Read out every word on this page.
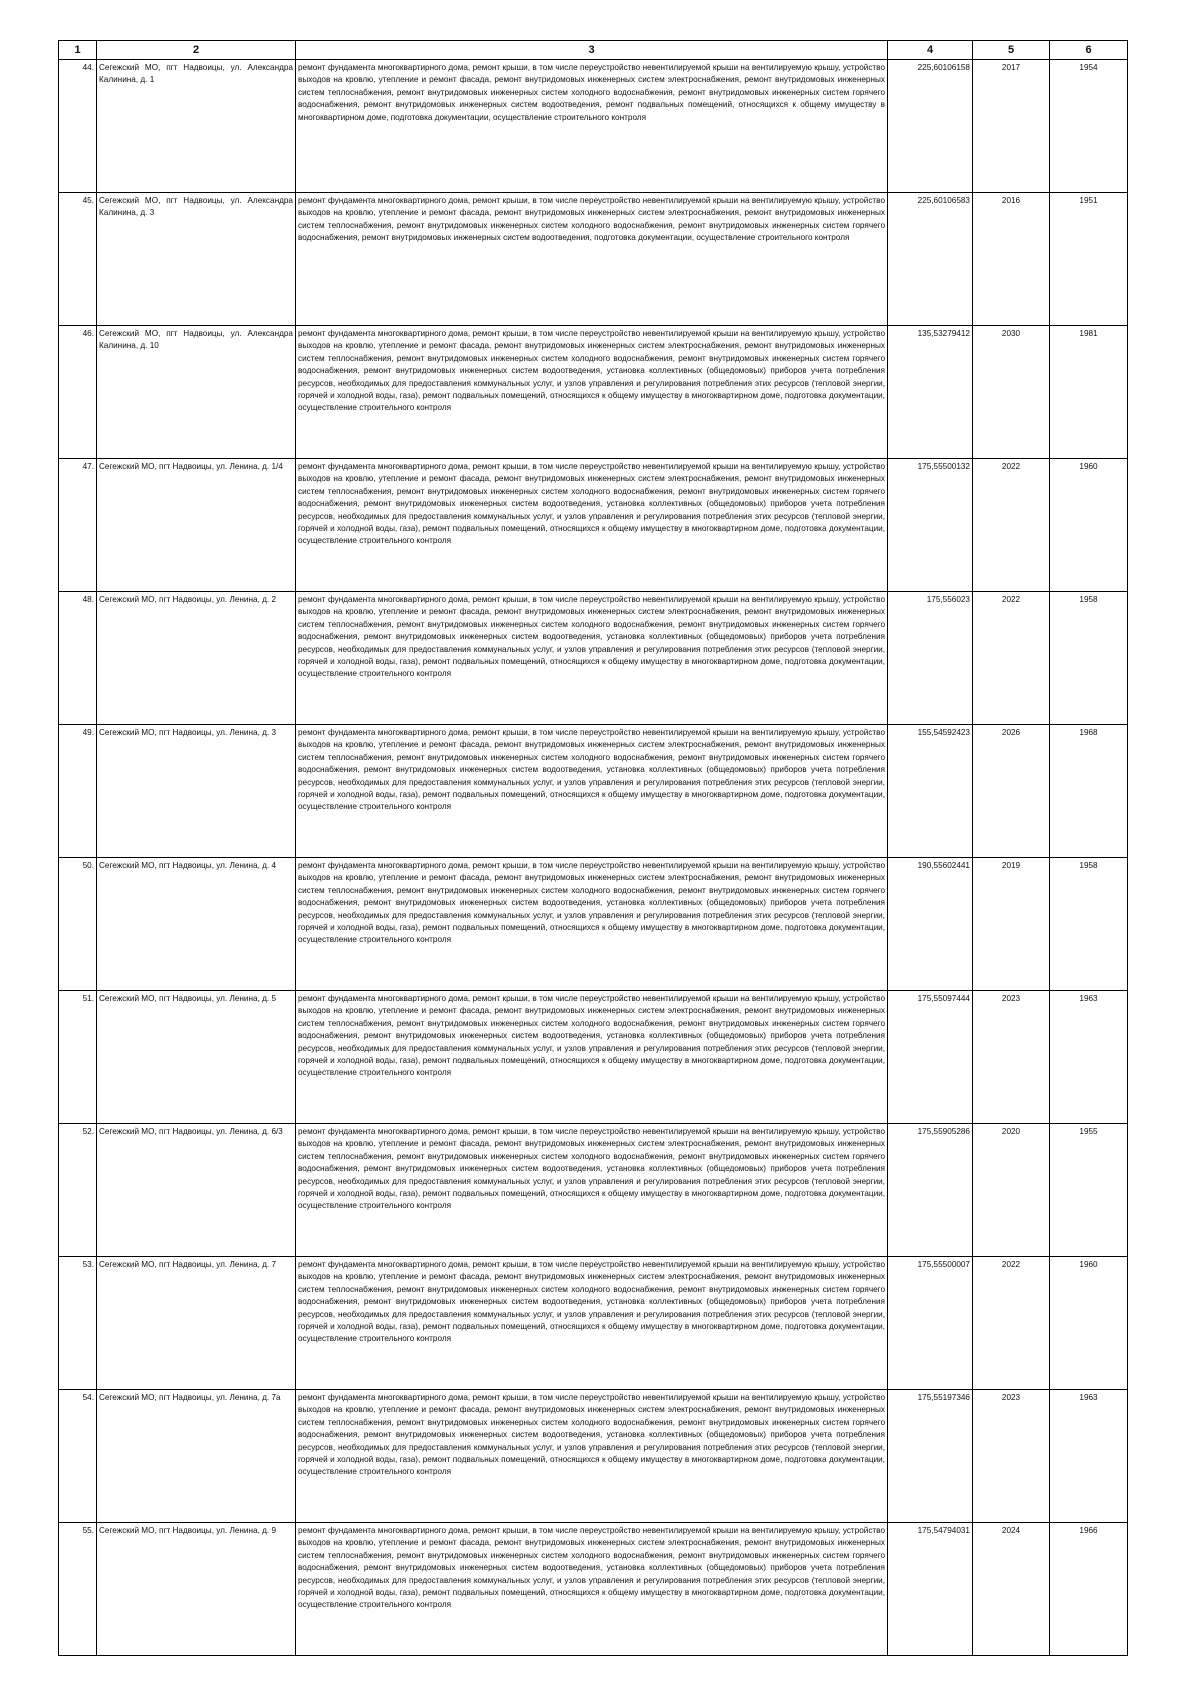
1	2	3	4	5	6
44.	Сегежский МО, пгт Надвоицы, ул. Александра Калинина, д. 1	ремонт фундамента многоквартирного дома, ремонт крыши, в том числе переустройство невентилируемой крыши на вентилируемую крышу, устройство выходов на кровлю, утепление и ремонт фасада, ремонт внутридомовых инженерных систем электроснабжения, ремонт внутридомовых инженерных систем теплоснабжения, ремонт внутридомовых инженерных систем холодного водоснабжения, ремонт внутридомовых инженерных систем горячего водоснабжения, ремонт внутридомовых инженерных систем водоотведения, ремонт подвальных помещений, относящихся к общему имуществу в многоквартирном доме, подготовка документации, осуществление строительного контроля	225,60106158	2017	1954
45.	Сегежский МО, пгт Надвоицы, ул. Александра Калинина, д. 3	ремонт фундамента многоквартирного дома, ремонт крыши, в том числе переустройство невентилируемой крыши на вентилируемую крышу, устройство выходов на кровлю, утепление и ремонт фасада, ремонт внутридомовых инженерных систем электроснабжения, ремонт внутридомовых инженерных систем теплоснабжения, ремонт внутридомовых инженерных систем холодного водоснабжения, ремонт внутридомовых инженерных систем горячего водоснабжения, ремонт внутридомовых инженерных систем водоотведения, подготовка документации, осуществление строительного контроля	225,60106583	2016	1951
46.	Сегежский МО, пгт Надвоицы, ул. Александра Калинина, д. 10	ремонт фундамента многоквартирного дома, ремонт крыши, в том числе переустройство невентилируемой крыши на вентилируемую крышу, устройство выходов на кровлю, утепление и ремонт фасада, ремонт внутридомовых инженерных систем электроснабжения, ремонт внутридомовых инженерных систем теплоснабжения, ремонт внутридомовых инженерных систем холодного водоснабжения, ремонт внутридомовых инженерных систем горячего водоснабжения, ремонт внутридомовых инженерных систем водоотведения, установка коллективных (общедомовых) приборов учета потребления ресурсов, необходимых для предоставления коммунальных услуг, и узлов управления и регулирования потребления этих ресурсов (тепловой энергии, горячей и холодной воды, газа), ремонт подвальных помещений, относящихся к общему имуществу в многоквартирном доме, подготовка документации, осуществление строительного контроля	135,53279412	2030	1981
47.	Сегежский МО, пгт Надвоицы, ул. Ленина, д. 1/4	ремонт фундамента многоквартирного дома, ремонт крыши, в том числе переустройство невентилируемой крыши на вентилируемую крышу, устройство выходов на кровлю, утепление и ремонт фасада, ремонт внутридомовых инженерных систем электроснабжения, ремонт внутридомовых инженерных систем теплоснабжения, ремонт внутридомовых инженерных систем холодного водоснабжения, ремонт внутридомовых инженерных систем горячего водоснабжения, ремонт внутридомовых инженерных систем водоотведения, установка коллективных (общедомовых) приборов учета потребления ресурсов, необходимых для предоставления коммунальных услуг, и узлов управления и регулирования потребления этих ресурсов (тепловой энергии, горячей и холодной воды, газа), ремонт подвальных помещений, относящихся к общему имуществу в многоквартирном доме, подготовка документации, осуществление строительного контроля	175,55500132	2022	1960
48.	Сегежский МО, пгт Надвоицы, ул. Ленина, д. 2	ремонт фундамента многоквартирного дома, ремонт крыши, в том числе переустройство невентилируемой крыши на вентилируемую крышу, устройство выходов на кровлю, утепление и ремонт фасада, ремонт внутридомовых инженерных систем электроснабжения, ремонт внутридомовых инженерных систем теплоснабжения, ремонт внутридомовых инженерных систем холодного водоснабжения, ремонт внутридомовых инженерных систем горячего водоснабжения, ремонт внутридомовых инженерных систем водоотведения, установка коллективных (общедомовых) приборов учета потребления ресурсов, необходимых для предоставления коммунальных услуг, и узлов управления и регулирования потребления этих ресурсов (тепловой энергии, горячей и холодной воды, газа), ремонт подвальных помещений, относящихся к общему имуществу в многоквартирном доме, подготовка документации, осуществление строительного контроля	175,556023	2022	1958
49.	Сегежский МО, пгт Надвоицы, ул. Ленина, д. 3	ремонт фундамента многоквартирного дома, ремонт крыши, в том числе переустройство невентилируемой крыши на вентилируемую крышу, устройство выходов на кровлю, утепление и ремонт фасада, ремонт внутридомовых инженерных систем электроснабжения, ремонт внутридомовых инженерных систем теплоснабжения, ремонт внутридомовых инженерных систем холодного водоснабжения, ремонт внутридомовых инженерных систем горячего водоснабжения, ремонт внутридомовых инженерных систем водоотведения, установка коллективных (общедомовых) приборов учета потребления ресурсов, необходимых для предоставления коммунальных услуг, и узлов управления и регулирования потребления этих ресурсов (тепловой энергии, горячей и холодной воды, газа), ремонт подвальных помещений, относящихся к общему имуществу в многоквартирном доме, подготовка документации, осуществление строительного контроля	155,54592423	2026	1968
50.	Сегежский МО, пгт Надвоицы, ул. Ленина, д. 4	ремонт фундамента многоквартирного дома, ремонт крыши, в том числе переустройство невентилируемой крыши на вентилируемую крышу, устройство выходов на кровлю, утепление и ремонт фасада, ремонт внутридомовых инженерных систем электроснабжения, ремонт внутридомовых инженерных систем теплоснабжения, ремонт внутридомовых инженерных систем холодного водоснабжения, ремонт внутридомовых инженерных систем горячего водоснабжения, ремонт внутридомовых инженерных систем водоотведения, установка коллективных (общедомовых) приборов учета потребления ресурсов, необходимых для предоставления коммунальных услуг, и узлов управления и регулирования потребления этих ресурсов (тепловой энергии, горячей и холодной воды, газа), ремонт подвальных помещений, относящихся к общему имуществу в многоквартирном доме, подготовка документации, осуществление строительного контроля	190,55602441	2019	1958
51.	Сегежский МО, пгт Надвоицы, ул. Ленина, д. 5	ремонт фундамента многоквартирного дома, ремонт крыши, в том числе переустройство невентилируемой крыши на вентилируемую крышу, устройство выходов на кровлю, утепление и ремонт фасада, ремонт внутридомовых инженерных систем электроснабжения, ремонт внутридомовых инженерных систем теплоснабжения, ремонт внутридомовых инженерных систем холодного водоснабжения, ремонт внутридомовых инженерных систем горячего водоснабжения, ремонт внутридомовых инженерных систем водоотведения, установка коллективных (общедомовых) приборов учета потребления ресурсов, необходимых для предоставления коммунальных услуг, и узлов управления и регулирования потребления этих ресурсов (тепловой энергии, горячей и холодной воды, газа), ремонт подвальных помещений, относящихся к общему имуществу в многоквартирном доме, подготовка документации, осуществление строительного контроля	175,55097444	2023	1963
52.	Сегежский МО, пгт Надвоицы, ул. Ленина, д. 6/3	ремонт фундамента многоквартирного дома, ремонт крыши, в том числе переустройство невентилируемой крыши на вентилируемую крышу, устройство выходов на кровлю, утепление и ремонт фасада, ремонт внутридомовых инженерных систем электроснабжения, ремонт внутридомовых инженерных систем теплоснабжения, ремонт внутридомовых инженерных систем холодного водоснабжения, ремонт внутридомовых инженерных систем горячего водоснабжения, ремонт внутридомовых инженерных систем водоотведения, установка коллективных (общедомовых) приборов учета потребления ресурсов, необходимых для предоставления коммунальных услуг, и узлов управления и регулирования потребления этих ресурсов (тепловой энергии, горячей и холодной воды, газа), ремонт подвальных помещений, относящихся к общему имуществу в многоквартирном доме, подготовка документации, осуществление строительного контроля	175,55905286	2020	1955
53.	Сегежский МО, пгт Надвоицы, ул. Ленина, д. 7	ремонт фундамента многоквартирного дома, ремонт крыши, в том числе переустройство невентилируемой крыши на вентилируемую крышу, устройство выходов на кровлю, утепление и ремонт фасада, ремонт внутридомовых инженерных систем электроснабжения, ремонт внутридомовых инженерных систем теплоснабжения, ремонт внутридомовых инженерных систем холодного водоснабжения, ремонт внутридомовых инженерных систем горячего водоснабжения, ремонт внутридомовых инженерных систем водоотведения, установка коллективных (общедомовых) приборов учета потребления ресурсов, необходимых для предоставления коммунальных услуг, и узлов управления и регулирования потребления этих ресурсов (тепловой энергии, горячей и холодной воды, газа), ремонт подвальных помещений, относящихся к общему имуществу в многоквартирном доме, подготовка документации, осуществление строительного контроля	175,55500007	2022	1960
54.	Сегежский МО, пгт Надвоицы, ул. Ленина, д. 7а	ремонт фундамента многоквартирного дома, ремонт крыши, в том числе переустройство невентилируемой крыши на вентилируемую крышу, устройство выходов на кровлю, утепление и ремонт фасада, ремонт внутридомовых инженерных систем электроснабжения, ремонт внутридомовых инженерных систем теплоснабжения, ремонт внутридомовых инженерных систем холодного водоснабжения, ремонт внутридомовых инженерных систем горячего водоснабжения, ремонт внутридомовых инженерных систем водоотведения, установка коллективных (общедомовых) приборов учета потребления ресурсов, необходимых для предоставления коммунальных услуг, и узлов управления и регулирования потребления этих ресурсов (тепловой энергии, горячей и холодной воды, газа), ремонт подвальных помещений, относящихся к общему имуществу в многоквартирном доме, подготовка документации, осуществление строительного контроля	175,55197346	2023	1963
55.	Сегежский МО, пгт Надвоицы, ул. Ленина, д. 9	ремонт фундамента многоквартирного дома, ремонт крыши, в том числе переустройство невентилируемой крыши на вентилируемую крышу, устройство выходов на кровлю, утепление и ремонт фасада, ремонт внутридомовых инженерных систем электроснабжения, ремонт внутридомовых инженерных систем теплоснабжения, ремонт внутридомовых инженерных систем холодного водоснабжения, ремонт внутридомовых инженерных систем горячего водоснабжения, ремонт внутридомовых инженерных систем водоотведения, установка коллективных (общедомовых) приборов учета потребления ресурсов, необходимых для предоставления коммунальных услуг, и узлов управления и регулирования потребления этих ресурсов (тепловой энергии, горячей и холодной воды, газа), ремонт подвальных помещений, относящихся к общему имуществу в многоквартирном доме, подготовка документации, осуществление строительного контроля	175,54794031	2024	1966
